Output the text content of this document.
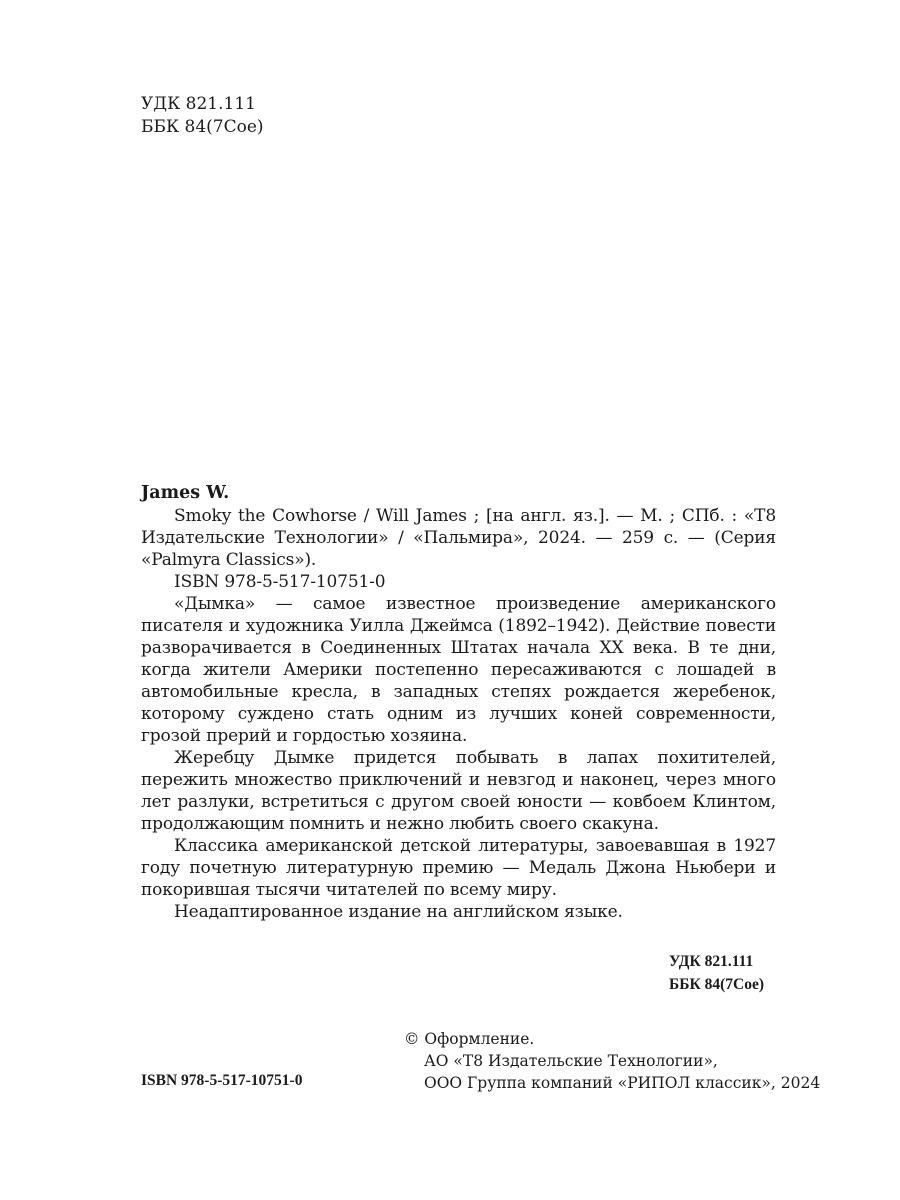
УДК 821.111
ББК 84(7Сое)
James W.

Smoky the Cowhorse / Will James ; [на англ. яз.]. — М. ; СПб. : «Т8 Издательские Технологии» / «Пальмира», 2024. — 259 с. — (Серия «Palmyra Classics»).

ISBN 978-5-517-10751-0

«Дымка» — самое известное произведение американского писателя и художника Уилла Джеймса (1892–1942). Действие повести разворачивается в Соединенных Штатах начала XX века. В те дни, когда жители Америки постепенно пересаживаются с лошадей в автомобильные кресла, в западных степях рождается жеребенок, которому суждено стать одним из лучших коней современности, грозой прерий и гордостью хозяина.

Жеребцу Дымке придется побывать в лапах похитителей, пережить множество приключений и невзгод и наконец, через много лет разлуки, встретиться с другом своей юности — ковбоем Клинтом, продолжающим помнить и нежно любить своего скакуна.

Классика американской детской литературы, завоевавшая в 1927 году почетную литературную премию — Медаль Джона Ньюбери и покорившая тысячи читателей по всему миру.

Неадаптированное издание на английском языке.

УДК 821.111
ББК 84(7Сое)
© Оформление.
АО «Т8 Издательские Технологии»,
ООО Группа компаний «РИПОЛ классик», 2024
ISBN 978-5-517-10751-0
